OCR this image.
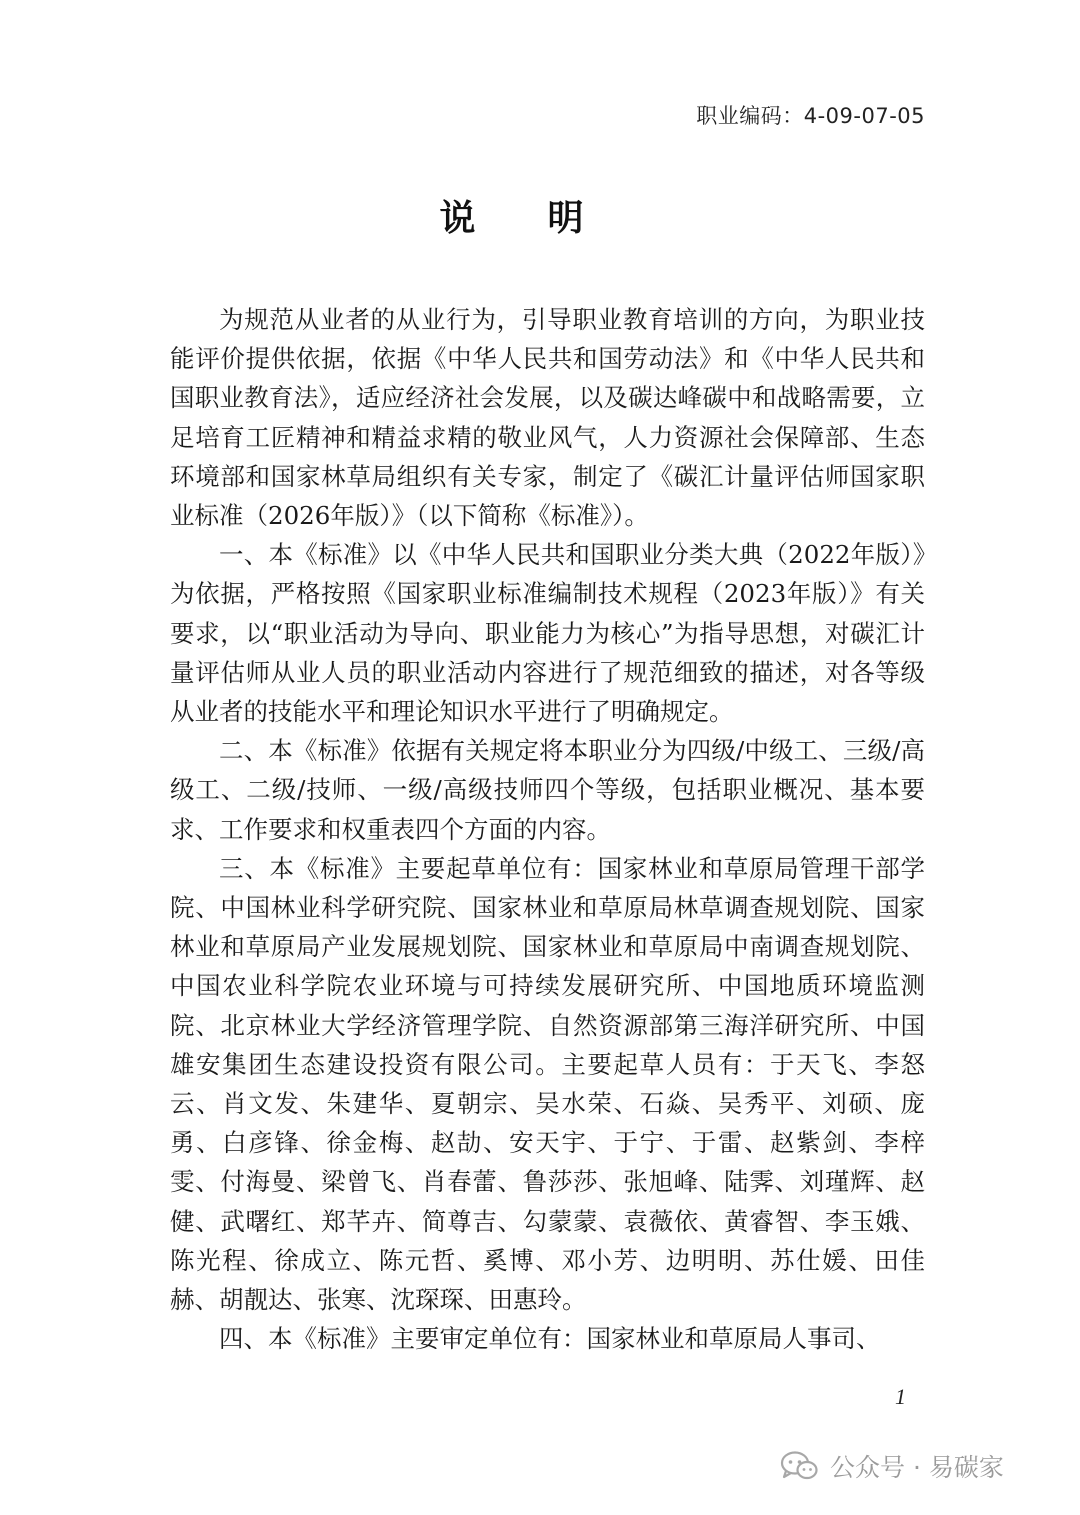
职业编码：4-09-07-05
说明

为规范从业者的从业行为，引导职业教育培训的方向，为职业技能评价提供依据，依据《中华人民共和国劳动法》和《中华人民共和国职业教育法》，适应经济社会发展，以及碳达峰碳中和战略需要，立足培育工匠精神和精益求精的敬业风气，人力资源社会保障部、生态环境部和国家林草局组织有关专家，制定了《碳汇计量评估师国家职业标准（2026年版）》（以下简称《标准》）。

一、本《标准》以《中华人民共和国职业分类大典（2022年版）》为依据，严格按照《国家职业标准编制技术规程（2023年版）》有关要求，以“职业活动为导向、职业能力为核心”为指导思想，对碳汇计量评估师从业人员的职业活动内容进行了规范细致的描述，对各等级从业者的技能水平和理论知识水平进行了明确规定。

二、本《标准》依据有关规定将本职业分为四级/中级工、三级/高级工、二级/技师、一级/高级技师四个等级，包括职业概况、基本要求、工作要求和权重表四个方面的内容。

三、本《标准》主要起草单位有：国家林业和草原局管理干部学院、中国林业科学研究院、国家林业和草原局林草调查规划院、国家林业和草原局产业发展规划院、国家林业和草原局中南调查规划院、中国农业科学院农业环境与可持续发展研究所、中国地质环境监测院、北京林业大学经济管理学院、自然资源部第三海洋研究所、中国雄安集团生态建设投资有限公司。主要起草人员有：于天飞、李怒云、肖文发、朱建华、夏朝宗、吴水荣、石焱、吴秀平、刘硕、庞勇、白彦锋、徐金梅、赵劼、安天宇、于宁、于雷、赵紫剑、李梓雯、付海曼、梁曾飞、肖春蕾、鲁莎莎、张旭峰、陆霁、刘瑾辉、赵健、武曙红、郑芊卉、简尊吉、勾蒙蒙、袁薇依、黄睿智、李玉娥、陈光程、徐成立、陈元哲、奚博、邓小芳、边明明、苏仕媛、田佳赫、胡靓达、张寒、沈琛琛、田惠玲。

四、本《标准》主要审定单位有：国家林业和草原局人事司、

1
公众号 · 易碳家
